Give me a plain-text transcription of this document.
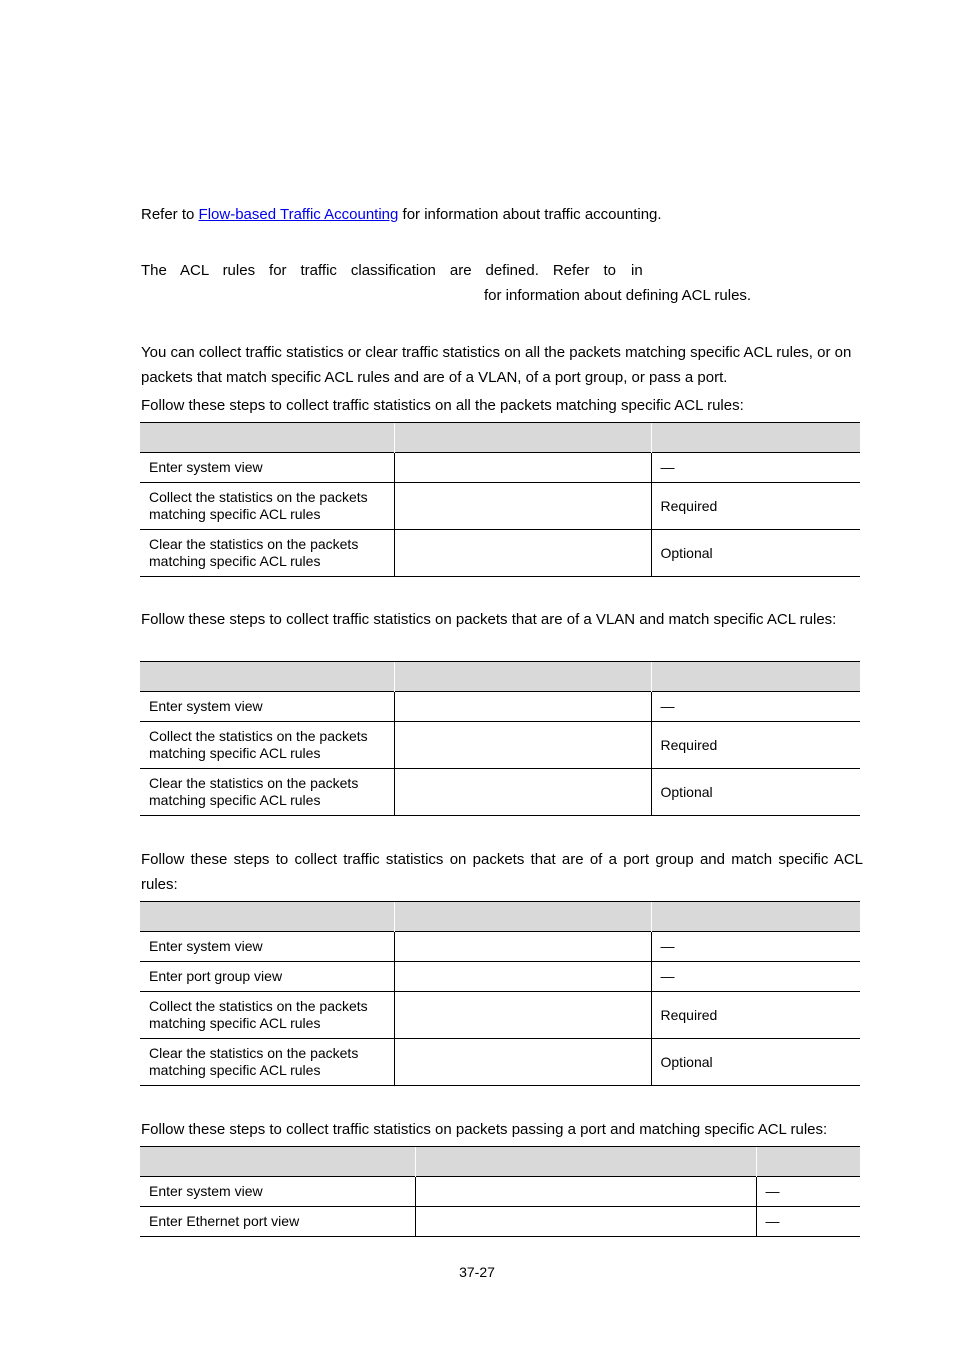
Refer to Flow-based Traffic Accounting for information about traffic accounting.

The ACL rules for traffic classification are defined. Refer to in

for information about defining ACL rules.

You can collect traffic statistics or clear traffic statistics on all the packets matching specific ACL rules, or on packets that match specific ACL rules and are of a VLAN, of a port group, or pass a port.

Follow these steps to collect traffic statistics on all the packets matching specific ACL rules:

Enter system view		—
Collect the statistics on the packets matching specific ACL rules		Required
Clear the statistics on the packets matching specific ACL rules		Optional

Follow these steps to collect traffic statistics on packets that are of a VLAN and match specific ACL rules:

Enter system view		—
Collect the statistics on the packets matching specific ACL rules		Required
Clear the statistics on the packets matching specific ACL rules		Optional

Follow these steps to collect traffic statistics on packets that are of a port group and match specific ACL rules:

Enter system view		—
Enter port group view		—
Collect the statistics on the packets matching specific ACL rules		Required
Clear the statistics on the packets matching specific ACL rules		Optional

Follow these steps to collect traffic statistics on packets passing a port and matching specific ACL rules:

Enter system view		—
Enter Ethernet port view		—
37-27
